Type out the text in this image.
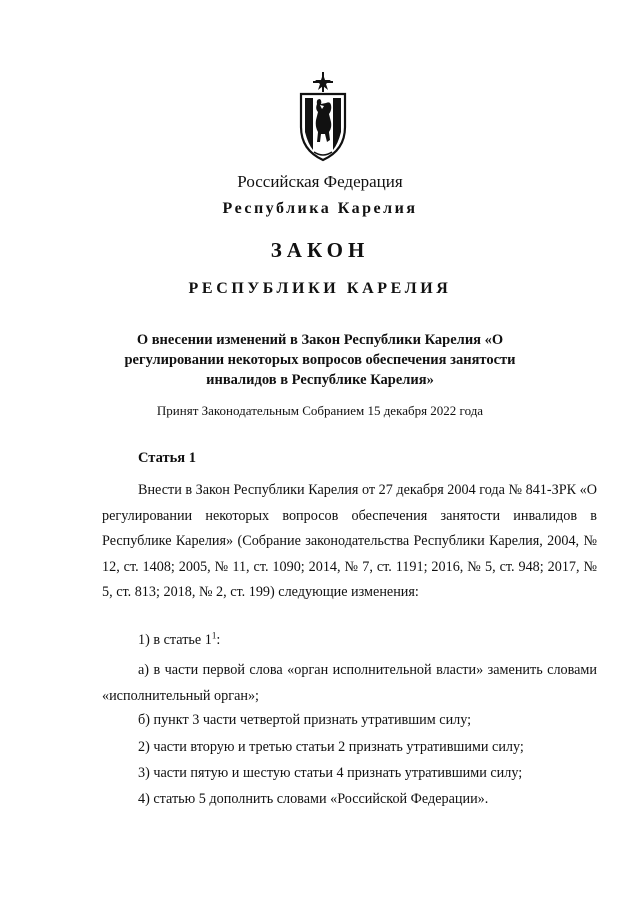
Российская Федерация
Республика Карелия
ЗАКОН
РЕСПУБЛИКИ КАРЕЛИЯ
О внесении изменений в Закон Республики Карелия «О регулировании некоторых вопросов обеспечения занятости инвалидов в Республике Карелия»
Принят Законодательным Собранием 15 декабря 2022 года
Статья 1
Внести в Закон Республики Карелия от 27 декабря 2004 года № 841-ЗРК «О регулировании некоторых вопросов обеспечения занятости инвалидов в Республике Карелия» (Собрание законодательства Республики Карелия, 2004, № 12, ст. 1408; 2005, № 11, ст. 1090; 2014, № 7, ст. 1191; 2016, № 5, ст. 948; 2017, № 5, ст. 813; 2018, № 2, ст. 199) следующие изменения:
1) в статье $1^1$:
а) в части первой слова «орган исполнительной власти» заменить словами «исполнительный орган»;
б) пункт 3 части четвертой признать утратившим силу;
2) части вторую и третью статьи 2 признать утратившими силу;
3) части пятую и шестую статьи 4 признать утратившими силу;
4) статью 5 дополнить словами «Российской Федерации».
